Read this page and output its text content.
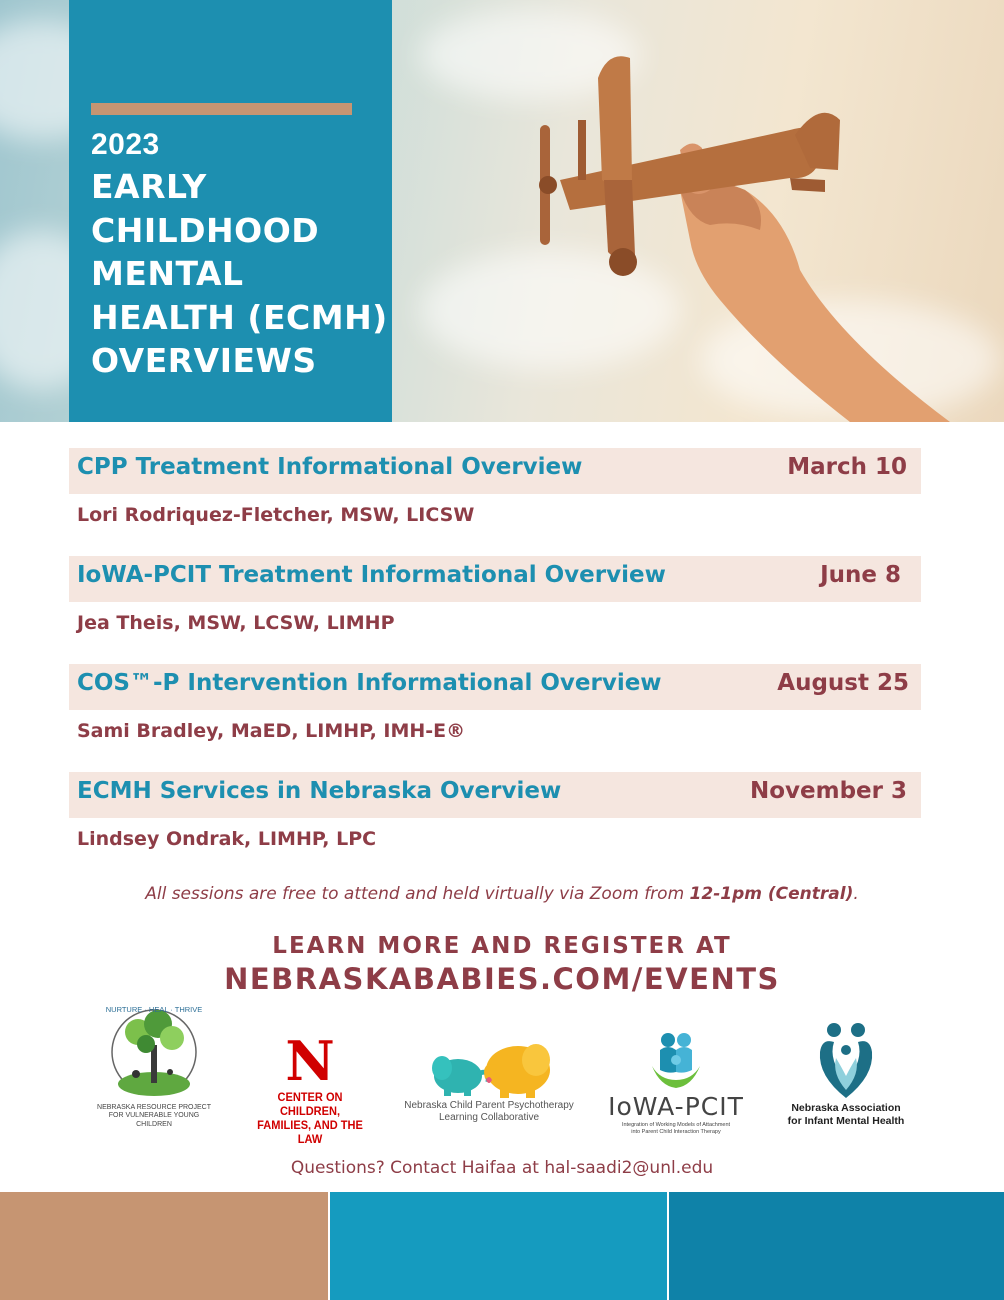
2023
EARLY
CHILDHOOD
MENTAL
HEALTH (ECMH)
OVERVIEWS
CPP Treatment Informational Overview	March 10
Lori Rodriquez-Fletcher, MSW, LICSW
IoWA-PCIT Treatment Informational Overview	June 8
Jea Theis, MSW, LCSW, LIMHP
COS™-P Intervention Informational Overview	August 25
Sami Bradley, MaED, LIMHP, IMH-E®
ECMH Services in Nebraska Overview	November 3
Lindsey Ondrak, LIMHP, LPC
All sessions are free to attend and held virtually via Zoom from 12-1pm (Central).
LEARN MORE AND REGISTER AT
NEBRASKABABIES.COM/EVENTS
NURTURE · HEAL · THRIVE
NEBRASKA RESOURCE PROJECT
FOR VULNERABLE YOUNG CHILDREN
N
CENTER ON CHILDREN,
FAMILIES, AND THE LAW
Nebraska Child Parent Psychotherapy
Learning Collaborative	IoWA-PCIT
Integration of Working Models of Attachment
into Parent Child Interaction Therapy
Nebraska Association
for Infant Mental Health
Questions? Contact Haifaa at hal-saadi2@unl.edu
